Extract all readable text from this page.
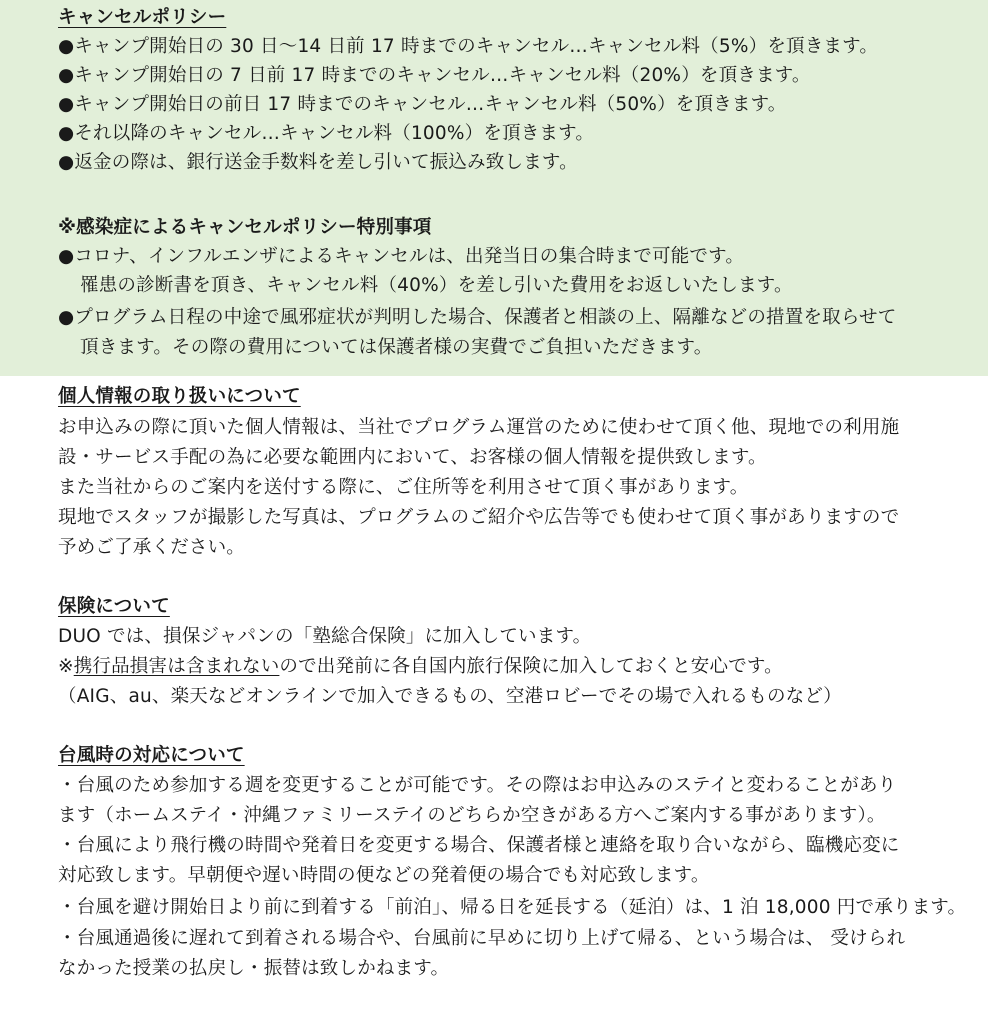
キャンセルポリシー
●キャンプ開始日の 30 日〜14 日前 17 時までのキャンセル…キャンセル料（5%）を頂きます。
●キャンプ開始日の 7 日前 17 時までのキャンセル…キャンセル料（20%）を頂きます。
●キャンプ開始日の前日 17 時までのキャンセル…キャンセル料（50%）を頂きます。
●それ以降のキャンセル…キャンセル料（100%）を頂きます。
●返金の際は、銀行送金手数料を差し引いて振込み致します。
※感染症によるキャンセルポリシー特別事項
●コロナ、インフルエンザによるキャンセルは、出発当日の集合時まで可能です。
罹患の診断書を頂き、キャンセル料（40%）を差し引いた費用をお返しいたします。
●プログラム日程の中途で風邪症状が判明した場合、保護者と相談の上、隔離などの措置を取らせて
頂きます。その際の費用については保護者様の実費でご負担いただきます。
個人情報の取り扱いについて
お申込みの際に頂いた個人情報は、当社でプログラム運営のために使わせて頂く他、現地での利用施
設・サービス手配の為に必要な範囲内において、お客様の個人情報を提供致します。
また当社からのご案内を送付する際に、ご住所等を利用させて頂く事があります。
現地でスタッフが撮影した写真は、プログラムのご紹介や広告等でも使わせて頂く事がありますので
予めご了承ください。
保険について
DUO では、損保ジャパンの「塾総合保険」に加入しています。
※携行品損害は含まれないので出発前に各自国内旅行保険に加入しておくと安心です。
（AIG、au、楽天などオンラインで加入できるもの、空港ロビーでその場で入れるものなど）
台風時の対応について
・台風のため参加する週を変更することが可能です。その際はお申込みのステイと変わることがあり
ます（ホームステイ・沖縄ファミリーステイのどちらか空きがある方へご案内する事があります）。
・台風により飛行機の時間や発着日を変更する場合、保護者様と連絡を取り合いながら、臨機応変に
対応致します。早朝便や遅い時間の便などの発着便の場合でも対応致します。
・台風を避け開始日より前に到着する「前泊」、帰る日を延長する（延泊）は、1 泊 18,000 円で承ります。
・台風通過後に遅れて到着される場合や、台風前に早めに切り上げて帰る、という場合は、 受けられ
なかった授業の払戻し・振替は致しかねます。
